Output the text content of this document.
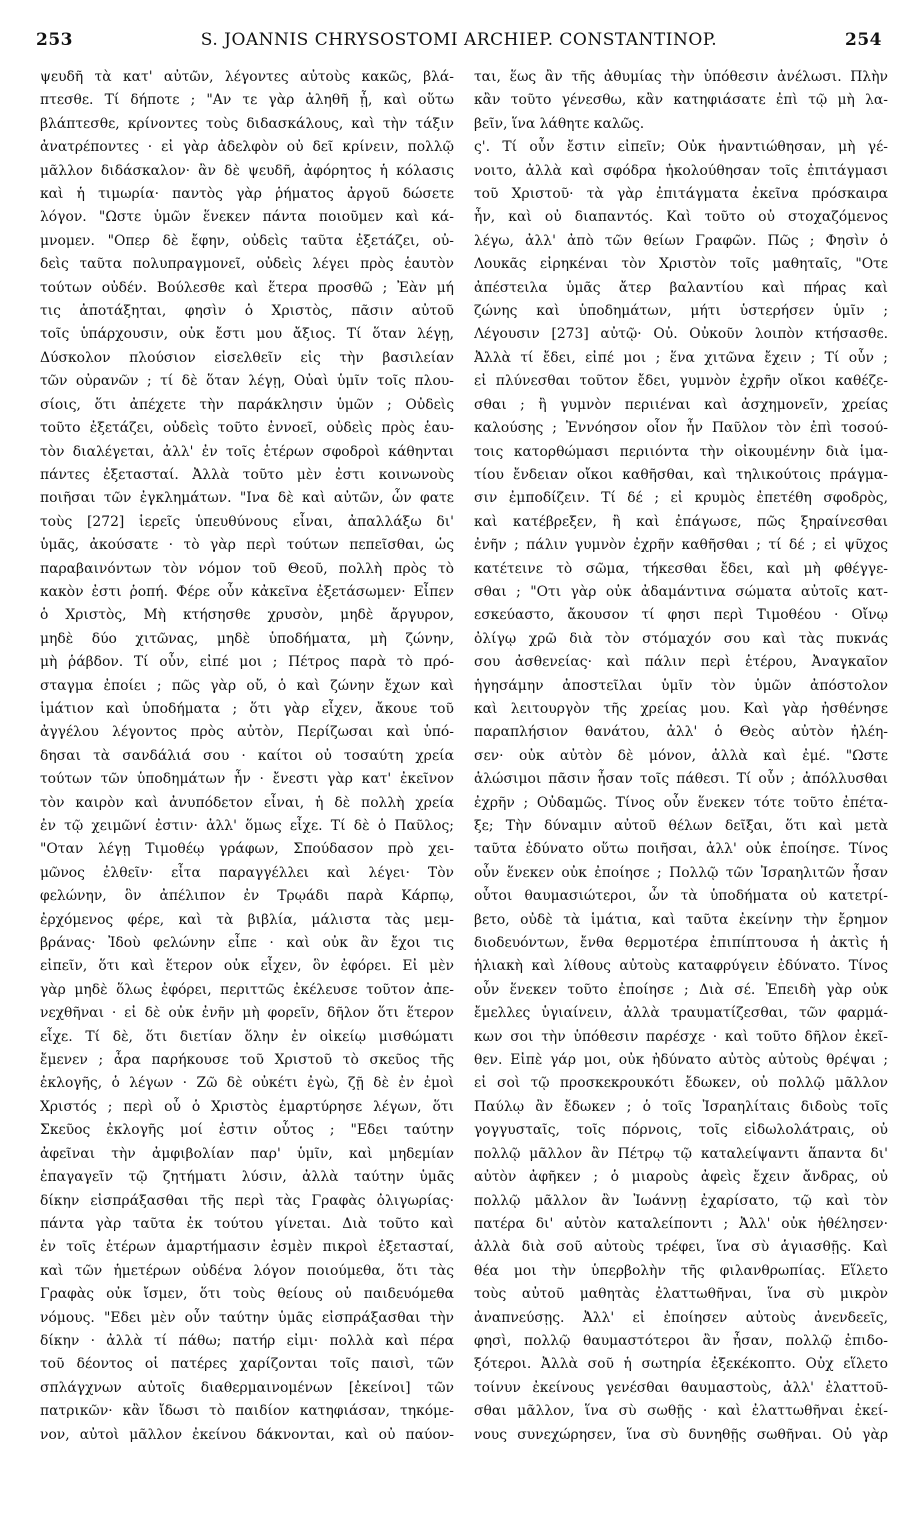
253	S. JOANNIS CHRYSOSTOMI ARCHIEP. CONSTANTINOP.	254
ψευδῆ τὰ κατ' αὐτῶν, λέγοντες αὐτοὺς κακῶς, βλά-
πτεσθε. Τί δήποτε ; "Αν τε γὰρ ἀληθῆ ᾖ, καὶ οὕτω
βλάπτεσθε, κρίνοντες τοὺς διδασκάλους, καὶ τὴν τάξιν
ἀνατρέποντες · εἰ γὰρ ἀδελφὸν οὐ δεῖ κρίνειν, πολλῷ
μᾶλλον διδάσκαλον· ἂν δὲ ψευδῆ, ἀφόρητος ἡ κόλασις
καὶ ἡ τιμωρία· παντὸς γὰρ ῥήματος ἀργοῦ δώσετε
λόγον. "Ωστε ὑμῶν ἕνεκεν πάντα ποιοῦμεν καὶ κά-
μνομεν. "Οπερ δὲ ἔφην, οὐδεὶς ταῦτα ἐξετάζει, οὐ-
δεὶς ταῦτα πολυπραγμονεῖ, οὐδεὶς λέγει πρὸς ἑαυτὸν
τούτων οὐδέν. Βούλεσθε καὶ ἕτερα προσθῶ ; Ἐὰν μή
τις ἀποτάξηται, φησὶν ὁ Χριστὸς, πᾶσιν αὐτοῦ
τοῖς ὑπάρχουσιν, οὐκ ἔστι μου ἄξιος. Τί ὅταν λέγῃ,
Δύσκολον πλούσιον εἰσελθεῖν εἰς τὴν βασιλείαν
τῶν οὐρανῶν ; τί δὲ ὅταν λέγῃ, Οὐαὶ ὑμῖν τοῖς πλου-
σίοις, ὅτι ἀπέχετε τὴν παράκλησιν ὑμῶν ; Οὐδεὶς
τοῦτο ἐξετάζει, οὐδεὶς τοῦτο ἐννοεῖ, οὐδεὶς πρὸς ἑαυ-
τὸν διαλέγεται, ἀλλ' ἐν τοῖς ἑτέρων σφοδροὶ κάθηνται
πάντες ἐξετασταί. Ἀλλὰ τοῦτο μὲν ἐστι κοινωνοὺς
ποιῆσαι τῶν ἐγκλημάτων. "Ινα δὲ καὶ αὐτῶν, ὧν φατε
τοὺς [272] ἱερεῖς ὑπευθύνους εἶναι, ἀπαλλάξω δι'
ὑμᾶς, ἀκούσατε · τὸ γὰρ περὶ τούτων πεπεῖσθαι, ὡς
παραβαινόντων τὸν νόμον τοῦ Θεοῦ, πολλὴ πρὸς τὸ
κακὸν ἐστι ῥοπή. Φέρε οὖν κἀκεῖνα ἐξετάσωμεν· Εἶπεν
ὁ Χριστὸς, Μὴ κτήσησθε χρυσὸν, μηδὲ ἄργυρον,
μηδὲ δύο χιτῶνας, μηδὲ ὑποδήματα, μὴ ζώνην,
μὴ ῥάβδον. Τί οὖν, εἰπέ μοι ; Πέτρος παρὰ τὸ πρό-
σταγμα ἐποίει ; πῶς γὰρ οὔ, ὁ καὶ ζώνην ἔχων καὶ
ἱμάτιον καὶ ὑποδήματα ; ὅτι γὰρ εἶχεν, ἄκουε τοῦ
ἀγγέλου λέγοντος πρὸς αὐτὸν, Περίζωσαι καὶ ὑπό-
δησαι τὰ σανδάλιά σου · καίτοι οὐ τοσαύτη χρεία
τούτων τῶν ὑποδημάτων ἦν · ἔνεστι γὰρ κατ' ἐκεῖνον
τὸν καιρὸν καὶ ἀνυπόδετον εἶναι, ἡ δὲ πολλὴ χρεία
ἐν τῷ χειμῶνί ἐστιν· ἀλλ' ὅμως εἶχε. Τί δὲ ὁ Παῦλος;
"Οταν λέγῃ Τιμοθέῳ γράφων, Σπούδασον πρὸ χει-
μῶνος ἐλθεῖν· εἶτα παραγγέλλει καὶ λέγει· Τὸν
φελώνην, ὃν ἀπέλιπον ἐν Τρῳάδι παρὰ Κάρπῳ,
ἐρχόμενος φέρε, καὶ τὰ βιβλία, μάλιστα τὰς μεμ-
βράνας· Ἰδοὺ φελώνην εἶπε · καὶ οὐκ ἂν ἔχοι τις
εἰπεῖν, ὅτι καὶ ἕτερον οὐκ εἶχεν, ὃν ἐφόρει. Εἰ μὲν
γὰρ μηδὲ ὅλως ἐφόρει, περιττῶς ἐκέλευσε τοῦτον ἀπε-
νεχθῆναι · εἰ δὲ οὐκ ἐνῆν μὴ φορεῖν, δῆλον ὅτι ἕτερον
εἶχε. Τί δὲ, ὅτι διετίαν ὅλην ἐν οἰκείῳ μισθώματι
ἔμενεν ; ἆρα παρήκουσε τοῦ Χριστοῦ τὸ σκεῦος τῆς
ἐκλογῆς, ὁ λέγων · Ζῶ δὲ οὐκέτι ἐγὼ, ζῇ δὲ ἐν ἐμοὶ
Χριστός ; περὶ οὗ ὁ Χριστὸς ἐμαρτύρησε λέγων, ὅτι
Σκεῦος ἐκλογῆς μοί ἐστιν οὗτος ; "Εδει ταύτην
ἀφεῖναι τὴν ἀμφιβολίαν παρ' ὑμῖν, καὶ μηδεμίαν
ἐπαγαγεῖν τῷ ζητήματι λύσιν, ἀλλὰ ταύτην ὑμᾶς
δίκην εἰσπράξασθαι τῆς περὶ τὰς Γραφὰς ὀλιγωρίας·
πάντα γὰρ ταῦτα ἐκ τούτου γίνεται. Διὰ τοῦτο καὶ
ἐν τοῖς ἑτέρων ἁμαρτήμασιν ἐσμὲν πικροὶ ἐξετασταί,
καὶ τῶν ἡμετέρων οὐδένα λόγον ποιούμεθα, ὅτι τὰς
Γραφὰς οὐκ ἴσμεν, ὅτι τοὺς θείους οὐ παιδευόμεθα
νόμους. "Εδει μὲν οὖν ταύτην ὑμᾶς εἰσπράξασθαι τὴν
δίκην · ἀλλὰ τί πάθω; πατήρ εἰμι· πολλὰ καὶ πέρα
τοῦ δέοντος οἱ πατέρες χαρίζονται τοῖς παισὶ, τῶν
σπλάγχνων αὐτοῖς διαθερμαινομένων [ἐκείνοι] τῶν
πατρικῶν· κἂν ἴδωσι τὸ παιδίον κατηφιάσαν, τηκόμε-
νον, αὐτοὶ μᾶλλον ἐκείνου δάκνονται, καὶ οὐ παύον-
ται, ἕως ἂν τῆς ἀθυμίας τὴν ὑπόθεσιν ἀνέλωσι. Πλὴν
κἂν τοῦτο γένεσθω, κἂν κατηφιάσατε ἐπὶ τῷ μὴ λα-
βεῖν, ἵνα λάθητε καλῶς.
ς'. Τί οὖν ἔστιν εἰπεῖν; Οὐκ ἠναντιώθησαν, μὴ γέ-
νοιτο, ἀλλὰ καὶ σφόδρα ἠκολούθησαν τοῖς ἐπιτάγμασι
τοῦ Χριστοῦ· τὰ γὰρ ἐπιτάγματα ἐκεῖνα πρόσκαιρα
ἦν, καὶ οὐ διαπαντός. Καὶ τοῦτο οὐ στοχαζόμενος
λέγω, ἀλλ' ἀπὸ τῶν θείων Γραφῶν. Πῶς ; Φησὶν ὁ
Λουκᾶς εἰρηκέναι τὸν Χριστὸν τοῖς μαθηταῖς, "Οτε
ἀπέστειλα ὑμᾶς ἄτερ βαλαντίου καὶ πήρας καὶ
ζώνης καὶ ὑποδημάτων, μήτι ὑστερήσεν ὑμῖν ;
Λέγουσιν [273] αὐτῷ· Οὐ. Οὐκοῦν λοιπὸν κτήσασθε.
Ἀλλὰ τί ἔδει, εἰπέ μοι ; ἕνα χιτῶνα ἔχειν ; Τί οὖν ;
εἰ πλύνεσθαι τοῦτον ἔδει, γυμνὸν ἐχρῆν οἴκοι καθέζε-
σθαι ; ἢ γυμνὸν περιιέναι καὶ ἀσχημονεῖν, χρείας
καλούσης ; Ἐννόησον οἷον ἦν Παῦλον τὸν ἐπὶ τοσού-
τοις κατορθώμασι περιιόντα τὴν οἰκουμένην διὰ ἱμα-
τίου ἔνδειαν οἴκοι καθῆσθαι, καὶ τηλικούτοις πράγμα-
σιν ἐμποδίζειν. Τί δέ ; εἰ κρυμὸς ἐπετέθη σφοδρὸς,
καὶ κατέβρεξεν, ἢ καὶ ἐπάγωσε, πῶς ξηραίνεσθαι
ἐνῆν ; πάλιν γυμνὸν ἐχρῆν καθῆσθαι ; τί δέ ; εἰ ψῦχος
κατέτεινε τὸ σῶμα, τήκεσθαι ἔδει, καὶ μὴ φθέγγε-
σθαι ; "Οτι γὰρ οὐκ ἀδαμάντινα σώματα αὐτοῖς κατ-
εσκεύαστο, ἄκουσον τί φησι περὶ Τιμοθέου · Οἴνῳ
ὀλίγῳ χρῶ διὰ τὸν στόμαχόν σου καὶ τὰς πυκνάς
σου ἀσθενείας· καὶ πάλιν περὶ ἑτέρου, Ἀναγκαῖον
ἡγησάμην ἀποστεῖλαι ὑμῖν τὸν ὑμῶν ἀπόστολον
καὶ λειτουργὸν τῆς χρείας μου. Καὶ γὰρ ἠσθένησε
παραπλήσιον θανάτου, ἀλλ' ὁ Θεὸς αὐτὸν ἠλέη-
σεν· οὐκ αὐτὸν δὲ μόνον, ἀλλὰ καὶ ἐμέ. "Ωστε
ἁλώσιμοι πᾶσιν ἦσαν τοῖς πάθεσι. Τί οὖν ; ἀπόλλυσθαι
ἐχρῆν ; Οὐδαμῶς. Τίνος οὖν ἕνεκεν τότε τοῦτο ἐπέτα-
ξε; Τὴν δύναμιν αὐτοῦ θέλων δεῖξαι, ὅτι καὶ μετὰ
ταῦτα ἐδύνατο οὕτω ποιῆσαι, ἀλλ' οὐκ ἐποίησε. Τίνος
οὖν ἕνεκεν οὐκ ἐποίησε ; Πολλῷ τῶν Ἰσραηλιτῶν ἦσαν
οὗτοι θαυμασιώτεροι, ὧν τὰ ὑποδήματα οὐ κατετρί-
βετο, οὐδὲ τὰ ἱμάτια, καὶ ταῦτα ἐκείνην τὴν ἔρημον
διοδευόντων, ἔνθα θερμοτέρα ἐπιπίπτουσα ἡ ἀκτὶς ἡ
ἡλιακὴ καὶ λίθους αὐτοὺς καταφρύγειν ἐδύνατο. Τίνος
οὖν ἕνεκεν τοῦτο ἐποίησε ; Διὰ σέ. Ἐπειδὴ γὰρ οὐκ
ἔμελλες ὑγιαίνειν, ἀλλὰ τραυματίζεσθαι, τῶν φαρμά-
κων σοι τὴν ὑπόθεσιν παρέσχε · καὶ τοῦτο δῆλον ἐκεῖ-
θεν. Εἰπὲ γάρ μοι, οὐκ ἠδύνατο αὐτὸς αὐτοὺς θρέψαι ;
εἰ σοὶ τῷ προσκεκρουκότι ἔδωκεν, οὐ πολλῷ μᾶλλον
Παύλῳ ἂν ἔδωκεν ; ὁ τοῖς Ἰσραηλίταις διδοὺς τοῖς
γογγυσταῖς, τοῖς πόρνοις, τοῖς εἰδωλολάτραις, οὐ
πολλῷ μᾶλλον ἂν Πέτρῳ τῷ καταλείψαντι ἅπαντα δι'
αὐτὸν ἀφῆκεν ; ὁ μιαροὺς ἀφεὶς ἔχειν ἄνδρας, οὐ
πολλῷ μᾶλλον ἂν Ἰωάννῃ ἐχαρίσατο, τῷ καὶ τὸν
πατέρα δι' αὐτὸν καταλείποντι ; Ἀλλ' οὐκ ἠθέλησεν·
ἀλλὰ διὰ σοῦ αὐτοὺς τρέφει, ἵνα σὺ ἁγιασθῇς. Καὶ
θέα μοι τὴν ὑπερβολὴν τῆς φιλανθρωπίας. Εἵλετο
τοὺς αὐτοῦ μαθητὰς ἐλαττωθῆναι, ἵνα σὺ μικρὸν
ἀναπνεύσῃς. Ἀλλ' εἰ ἐποίησεν αὐτοὺς ἀνενδεεῖς,
φησὶ, πολλῷ θαυμαστότεροι ἂν ἦσαν, πολλῷ ἐπιδο-
ξότεροι. Ἀλλὰ σοῦ ἡ σωτηρία ἐξεκέκοπτο. Οὐχ εἵλετο
τοίνυν ἐκείνους γενέσθαι θαυμαστοὺς, ἀλλ' ἐλαττοῦ-
σθαι μᾶλλον, ἵνα σὺ σωθῇς · καὶ ἐλαττωθῆναι ἐκεί-
νους συνεχώρησεν, ἵνα σὺ δυνηθῇς σωθῆναι. Οὐ γὰρ
